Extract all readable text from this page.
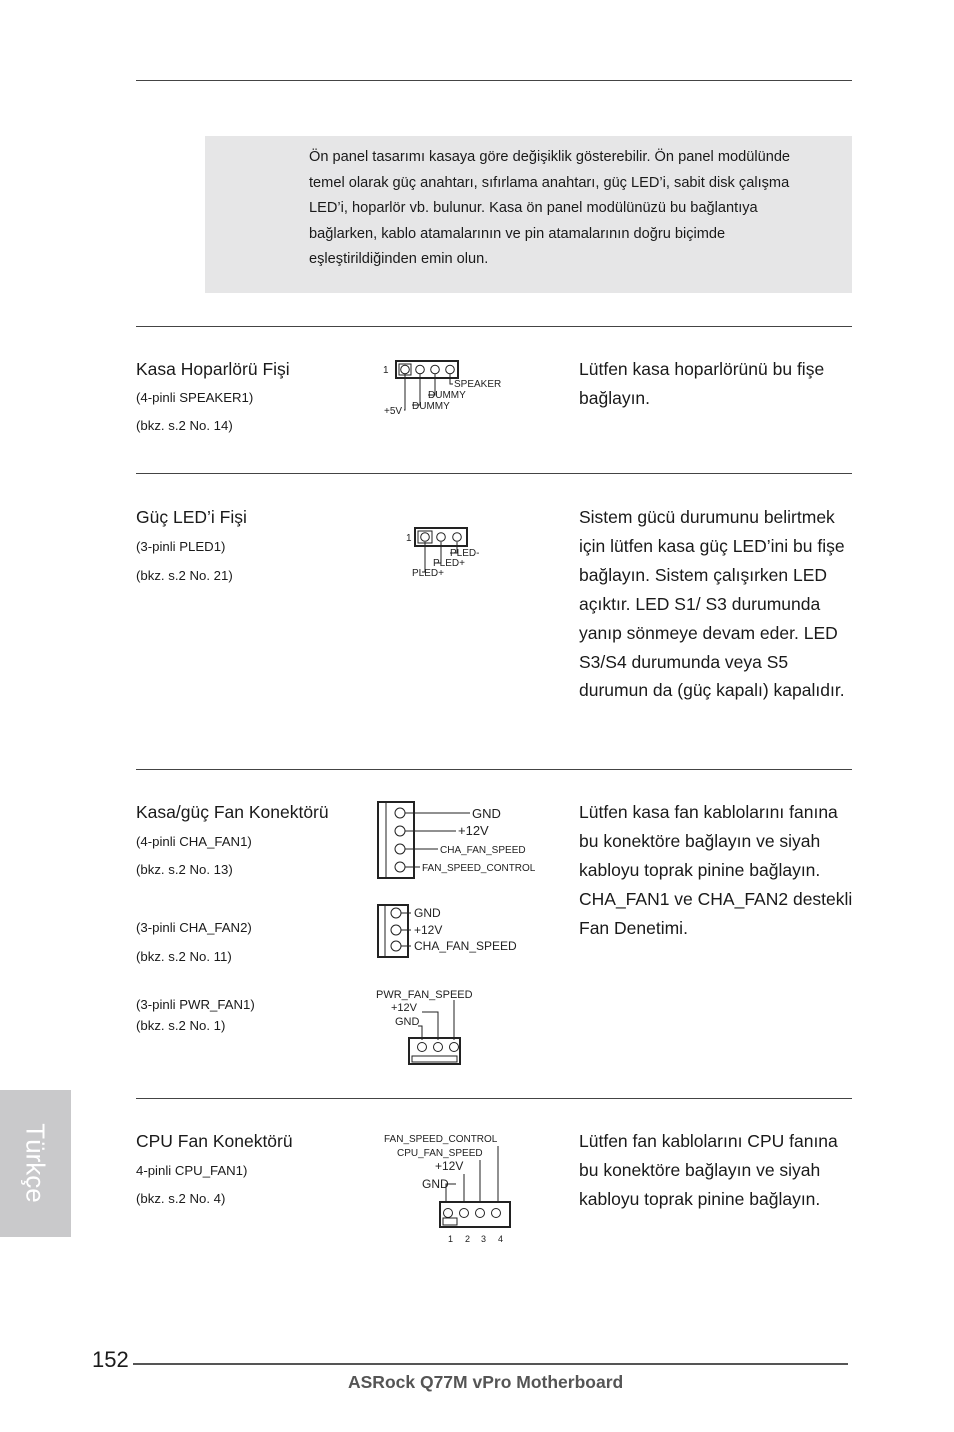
Ön panel tasarımı kasaya göre değişiklik gösterebilir. Ön panel modülünde temel olarak güç anahtarı, sıfırlama anahtarı, güç LED’i, sabit disk çalışma LED’i, hoparlör vb. bulunur. Kasa ön panel modülünüzü bu bağlantıya bağlarken, kablo atamalarının ve pin atamalarının doğru biçimde eşleştirildiğinden emin olun.
Kasa Hoparlörü Fişi
(4-pinli SPEAKER1)
(bkz. s.2 No. 14)
Lütfen kasa hoparlörünü bu fişe bağlayın.
1
SPEAKER
DUMMY
DUMMY
+5V
Güç LED’i Fişi
(3-pinli PLED1)
(bkz. s.2 No. 21)
Sistem gücü durumunu belirtmek için lütfen kasa güç LED’ini bu fişe bağlayın. Sistem çalışırken LED açıktır. LED S1/ S3 durumunda yanıp sönmeye devam eder. LED S3/S4 durumunda veya S5 durumun da (güç kapalı) kapalıdır.
1
PLED-
PLED+
PLED+
Kasa/güç Fan Konektörü
(4-pinli CHA_FAN1)
(bkz. s.2 No. 13)
(3-pinli CHA_FAN2)
(bkz. s.2 No. 11)
(3-pinli PWR_FAN1)
(bkz. s.2 No. 1)
Lütfen kasa fan kablolarını fanına bu konektöre bağlayın ve siyah kabloyu toprak pinine bağlayın. CHA_FAN1 ve CHA_FAN2 destekli Fan Denetimi.
GND
+12V
CHA_FAN_SPEED
FAN_SPEED_CONTROL
GND
+12V
CHA_FAN_SPEED
PWR_FAN_SPEED
+12V
GND
CPU Fan Konektörü
4-pinli CPU_FAN1)
(bkz. s.2 No. 4)
Lütfen fan kablolarını CPU fanına bu konektöre bağlayın ve siyah kabloyu toprak pinine bağlayın.
FAN_SPEED_CONTROL
CPU_FAN_SPEED
+12V
GND
1 2 3 4
Türkçe
152
ASRock Q77M vPro Motherboard
